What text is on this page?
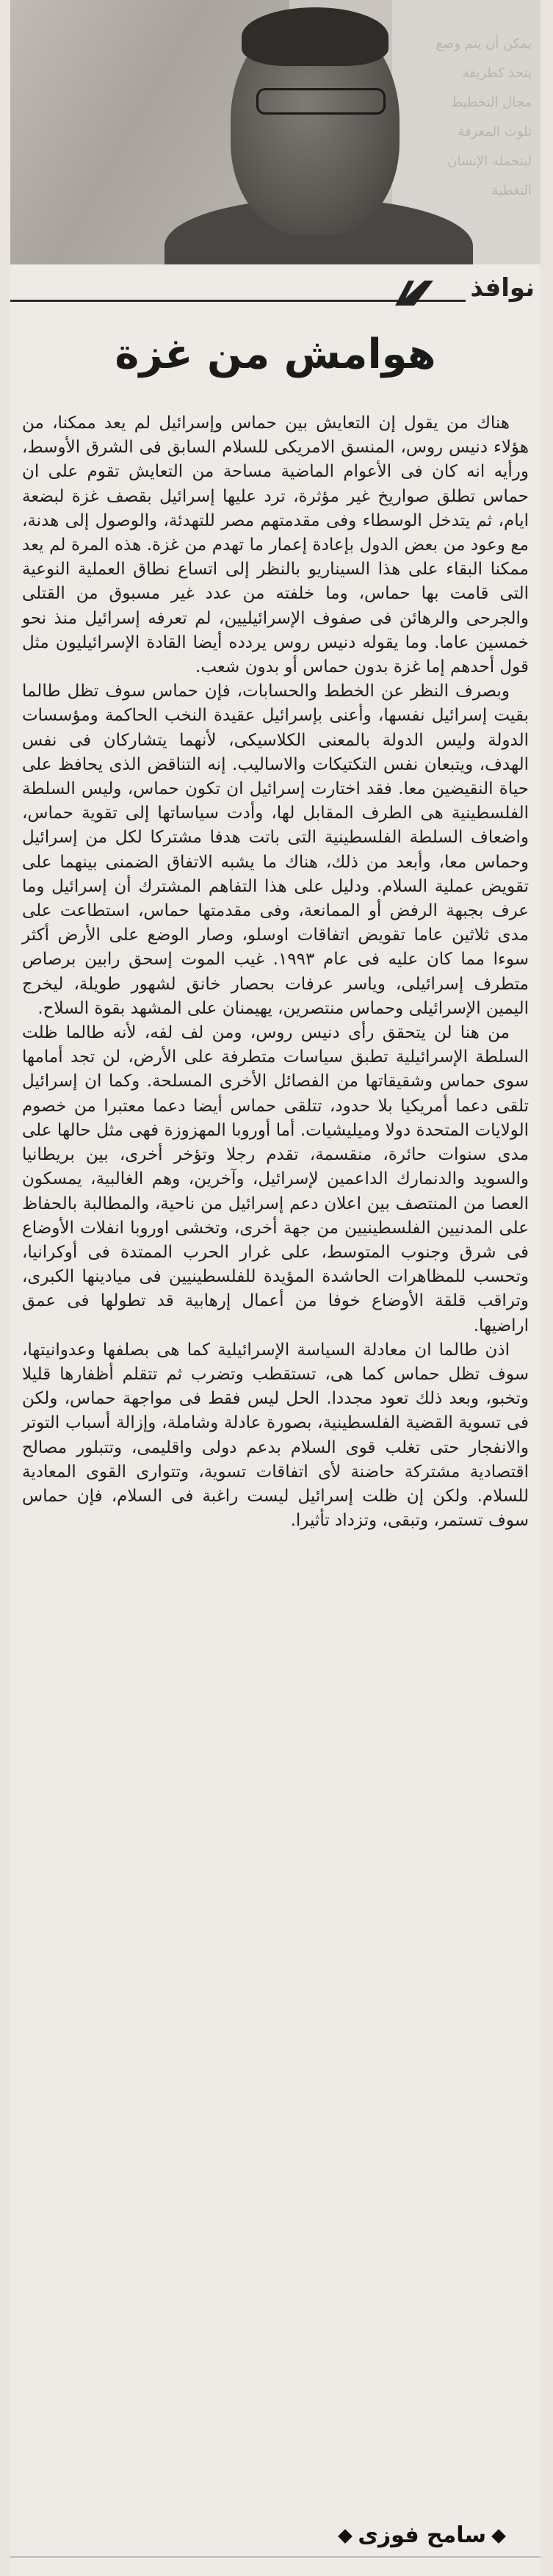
يمكن أن يتم وضع
يتخذ كطريقة
مجال التخطيط
تلوث المعرفة
ليتحمله الإنسان
التغطية
نوافذ
هوامش من غزة

هناك من يقول إن التعايش بين حماس وإسرائيل لم يعد ممكنا، من هؤلاء دنيس روس، المنسق الامريكى للسلام السابق فى الشرق الأوسط، ورأيه انه كان فى الأعوام الماضية مساحة من التعايش تقوم على ان حماس تطلق صواريخ غير مؤثرة، ترد عليها إسرائيل بقصف غزة لبضعة ايام، ثم يتدخل الوسطاء وفى مقدمتهم مصر للتهدئة، والوصول إلى هدنة، مع وعود من بعض الدول بإعادة إعمار ما تهدم من غزة. هذه المرة لم يعد ممكنا البقاء على هذا السيناريو بالنظر إلى اتساع نطاق العملية النوعية التى قامت بها حماس، وما خلفته من عدد غير مسبوق من القتلى والجرحى والرهائن فى صفوف الإسرائيليين، لم تعرفه إسرائيل منذ نحو خمسين عاما. وما يقوله دنيس روس يردده أيضا القادة الإسرائيليون مثل قول أحدهم إما غزة بدون حماس أو بدون شعب.

وبصرف النظر عن الخطط والحسابات، فإن حماس سوف تظل طالما بقيت إسرائيل نفسها، وأعنى بإسرائيل عقيدة النخب الحاكمة ومؤسسات الدولة وليس الدولة بالمعنى الكلاسيكى، لأنهما يتشاركان فى نفس الهدف، ويتبعان نفس التكتيكات والاساليب. إنه التناقض الذى يحافظ على حياة النقيضين معا. فقد اختارت إسرائيل ان تكون حماس، وليس السلطة الفلسطينية هى الطرف المقابل لها، وأدت سياساتها إلى تقوية حماس، واضعاف السلطة الفلسطينية التى باتت هدفا مشتركا لكل من إسرائيل وحماس معا، وأبعد من ذلك، هناك ما يشبه الاتفاق الضمنى بينهما على تقويض عملية السلام. ودليل على هذا التفاهم المشترك أن إسرائيل وما عرف بجبهة الرفض أو الممانعة، وفى مقدمتها حماس، استطاعت على مدى ثلاثين عاما تقويض اتفاقات اوسلو، وصار الوضع على الأرض أكثر سوءا مما كان عليه فى عام ١٩٩٣. غيب الموت إسحق رابين برصاص متطرف إسرائيلى، وياسر عرفات بحصار خانق لشهور طويلة، ليخرج اليمين الإسرائيلى وحماس منتصرين، يهيمنان على المشهد بقوة السلاح.

من هنا لن يتحقق رأى دنيس روس، ومن لف لفه، لأنه طالما ظلت السلطة الإسرائيلية تطبق سياسات متطرفة على الأرض، لن تجد أمامها سوى حماس وشقيقاتها من الفصائل الأخرى المسلحة. وكما ان إسرائيل تلقى دعما أمريكيا بلا حدود، تتلقى حماس أيضا دعما معتبرا من خصوم الولايات المتحدة دولا وميليشيات. أما أوروبا المهزوزة فهى مثل حالها على مدى سنوات حائرة، منقسمة، تقدم رجلا وتؤخر أخرى، بين بريطانيا والسويد والدنمارك الداعمين لإسرائيل، وآخرين، وهم الغالبية، يمسكون العصا من المنتصف بين اعلان دعم إسرائيل من ناحية، والمطالبة بالحفاظ على المدنيين الفلسطينيين من جهة أخرى، وتخشى اوروبا انفلات الأوضاع فى شرق وجنوب المتوسط، على غرار الحرب الممتدة فى أوكرانيا، وتحسب للمظاهرات الحاشدة المؤيدة للفلسطينيين فى ميادينها الكبرى، وتراقب قلقة الأوضاع خوفا من أعمال إرهابية قد تطولها فى عمق اراضيها.

اذن طالما ان معادلة السياسة الإسرائيلية كما هى بصلفها وعدوانيتها، سوف تظل حماس كما هى، تستقطب وتضرب ثم تتقلم أظفارها قليلا وتخبو، وبعد ذلك تعود مجددا. الحل ليس فقط فى مواجهة حماس، ولكن فى تسوية القضية الفلسطينية، بصورة عادلة وشاملة، وإزالة أسباب التوتر والانفجار حتى تغلب قوى السلام بدعم دولى واقليمى، وتتبلور مصالح اقتصادية مشتركة حاضنة لأى اتفاقات تسوية، وتتوارى القوى المعادية للسلام. ولكن إن ظلت إسرائيل ليست راغبة فى السلام، فإن حماس سوف تستمر، وتبقى، وتزداد تأثيرا.

سامح فوزى
